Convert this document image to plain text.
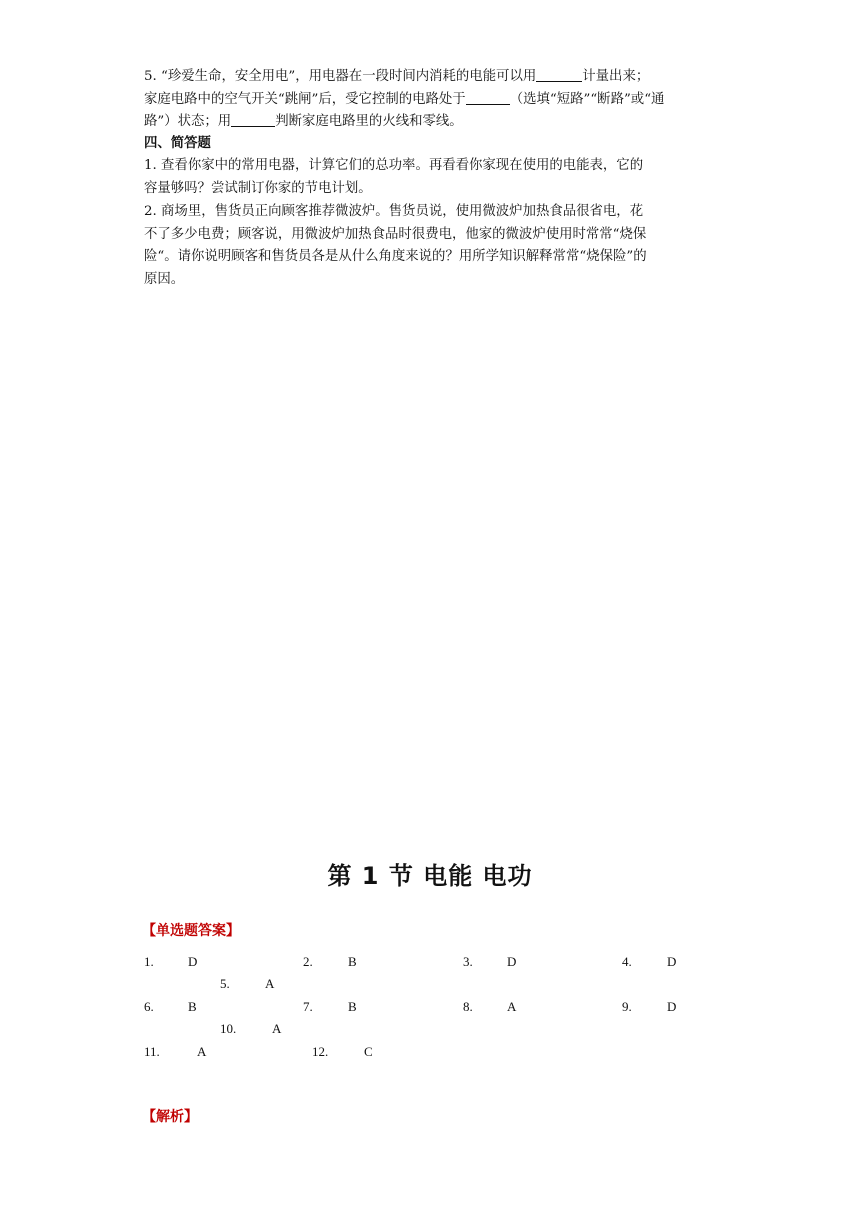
5. “珍爱生命，安全用电”，用电器在一段时间内消耗的电能可以用	计量出来；
家庭电路中的空气开关“跳闸”后，受它控制的电路处于	（选填“短路”“断路”或“通
路”）状态；用	判断家庭电路里的火线和零线。
四、简答题
1. 查看你家中的常用电器，计算它们的总功率。再看看你家现在使用的电能表，它的
容量够吗？尝试制订你家的节电计划。
2. 商场里，售货员正向顾客推荐微波炉。售货员说，使用微波炉加热食品很省电，花
不了多少电费；顾客说，用微波炉加热食品时很费电，他家的微波炉使用时常常“烧保
险“。请你说明顾客和售货员各是从什么角度来说的？用所学知识解释常常“烧保险”的
原因。
第 1 节 电能 电功
【单选题答案】
1.	D	2.	B	3.	D	4.	D
5.	A
6.	B	7.	B	8.	A	9.	D
10.	A
11.	A	12.	C
【解析】
